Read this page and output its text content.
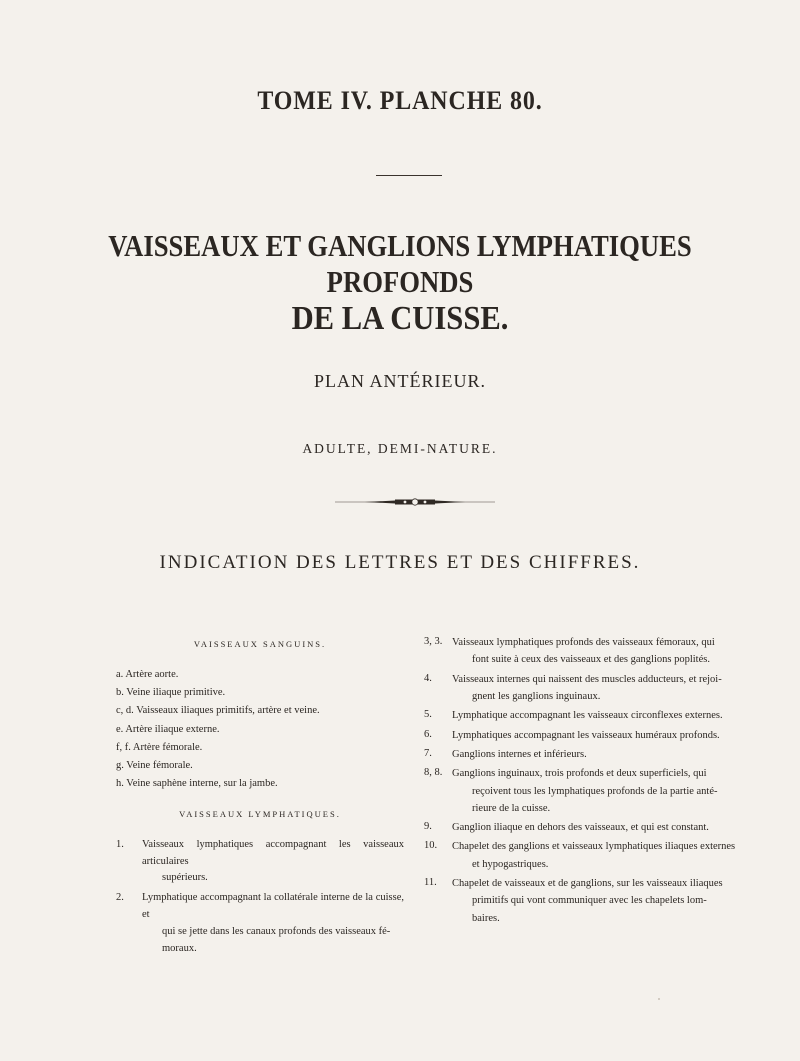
TOME IV. PLANCHE 80.
VAISSEAUX ET GANGLIONS LYMPHATIQUES PROFONDS
DE LA CUISSE.
PLAN ANTÉRIEUR.
ADULTE, DEMI-NATURE.
INDICATION DES LETTRES ET DES CHIFFRES.

VAISSEAUX SANGUINS.

a. Artère aorte.

b. Veine iliaque primitive.

c, d. Vaisseaux iliaques primitifs, artère et veine.

e. Artère iliaque externe.

f, f. Artère fémorale.

g. Veine fémorale.

h. Veine saphène interne, sur la jambe.

VAISSEAUX LYMPHATIQUES.

1.	Vaisseaux lymphatiques accompagnant les vaisseaux articulaires
supérieurs.
2.	Lymphatique accompagnant la collatérale interne de la cuisse, et
qui se jette dans les canaux profonds des vaisseaux fé-
moraux.
3, 3. Vaisseaux lymphatiques profonds des vaisseaux fémoraux, qui
font suite à ceux des vaisseaux et des ganglions poplités.
4.	Vaisseaux internes qui naissent des muscles adducteurs, et rejoi-
gnent les ganglions inguinaux.
5.	Lymphatique accompagnant les vaisseaux circonflexes externes.
6.	Lymphatiques accompagnant les vaisseaux huméraux profonds.
7.	Ganglions internes et inférieurs.
8, 8. Ganglions inguinaux, trois profonds et deux superficiels, qui
reçoivent tous les lymphatiques profonds de la partie anté-
rieure de la cuisse.
9.	Ganglion iliaque en dehors des vaisseaux, et qui est constant.
10.	Chapelet des ganglions et vaisseaux lymphatiques iliaques externes
et hypogastriques.
11.	Chapelet de vaisseaux et de ganglions, sur les vaisseaux iliaques
primitifs qui vont communiquer avec les chapelets lom-
baires.
